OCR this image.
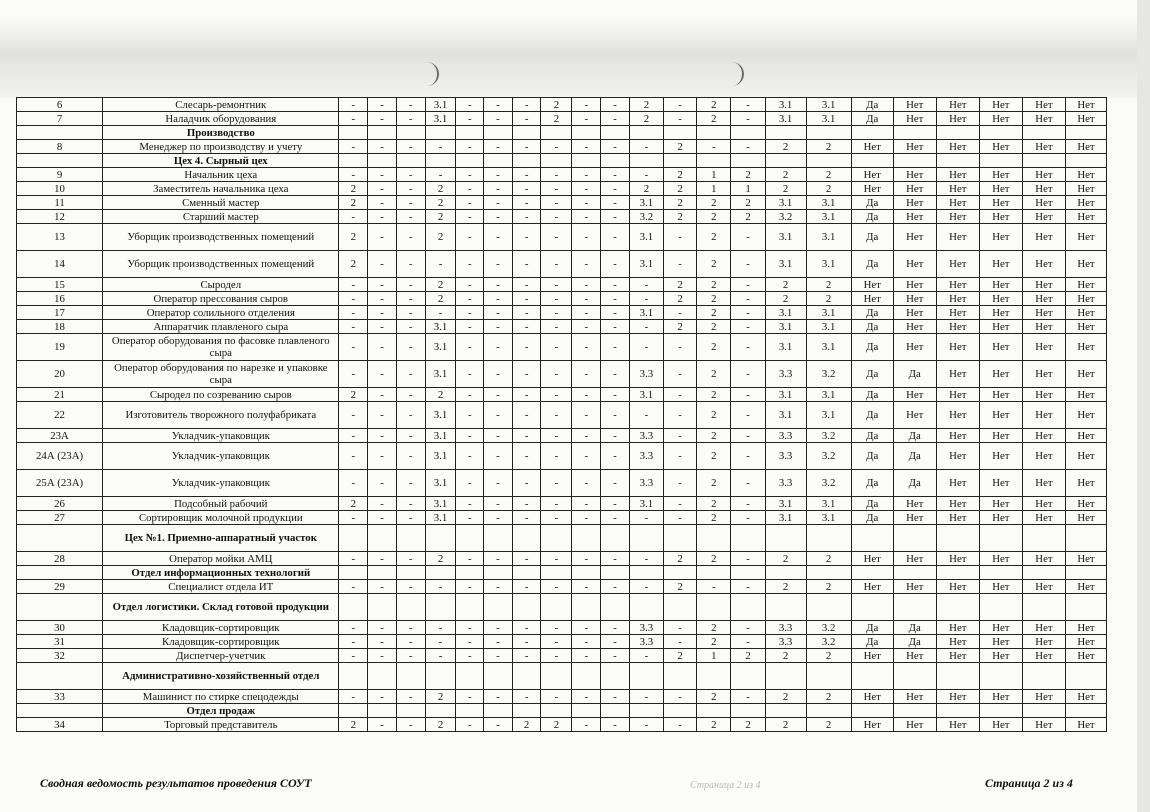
6	Слесарь-ремонтник	-	-	-	3.1	-	-	-	2	-	-	2	-	2	-	3.1	3.1	Да	Нет	Нет	Нет	Нет	Нет
7	Наладчик оборудования	-	-	-	3.1	-	-	-	2	-	-	2	-	2	-	3.1	3.1	Да	Нет	Нет	Нет	Нет	Нет
	Производство																						
8	Менеджер по производству и учету	-	-	-	-	-	-	-	-	-	-	-	2	-	-	2	2	Нет	Нет	Нет	Нет	Нет	Нет
	Цех 4. Сырный цех																						
9	Начальник цеха	-	-	-	-	-	-	-	-	-	-	-	2	1	2	2	2	Нет	Нет	Нет	Нет	Нет	Нет
10	Заместитель начальника цеха	2	-	-	2	-	-	-	-	-	-	2	2	1	1	2	2	Нет	Нет	Нет	Нет	Нет	Нет
11	Сменный мастер	2	-	-	2	-	-	-	-	-	-	3.1	2	2	2	3.1	3.1	Да	Нет	Нет	Нет	Нет	Нет
12	Старший мастер	-	-	-	2	-	-	-	-	-	-	3.2	2	2	2	3.2	3.1	Да	Нет	Нет	Нет	Нет	Нет
13	Уборщик производственных помещений	2	-	-	2	-	-	-	-	-	-	3.1	-	2	-	3.1	3.1	Да	Нет	Нет	Нет	Нет	Нет
14	Уборщик производственных помещений	2	-	-	-	-	-	-	-	-	-	3.1	-	2	-	3.1	3.1	Да	Нет	Нет	Нет	Нет	Нет
15	Сыродел	-	-	-	2	-	-	-	-	-	-	-	2	2	-	2	2	Нет	Нет	Нет	Нет	Нет	Нет
16	Оператор прессования сыров	-	-	-	2	-	-	-	-	-	-	-	2	2	-	2	2	Нет	Нет	Нет	Нет	Нет	Нет
17	Оператор солильного отделения	-	-	-	-	-	-	-	-	-	-	3.1	-	2	-	3.1	3.1	Да	Нет	Нет	Нет	Нет	Нет
18	Аппаратчик плавленого сыра	-	-	-	3.1	-	-	-	-	-	-	-	2	2	-	3.1	3.1	Да	Нет	Нет	Нет	Нет	Нет
19	Оператор оборудования по фасовке плавленого сыра	-	-	-	3.1	-	-	-	-	-	-	-	-	2	-	3.1	3.1	Да	Нет	Нет	Нет	Нет	Нет
20	Оператор оборудования по нарезке и упаковке сыра	-	-	-	3.1	-	-	-	-	-	-	3.3	-	2	-	3.3	3.2	Да	Да	Нет	Нет	Нет	Нет
21	Сыродел по созреванию сыров	2	-	-	2	-	-	-	-	-	-	3.1	-	2	-	3.1	3.1	Да	Нет	Нет	Нет	Нет	Нет
22	Изготовитель творожного полуфабриката	-	-	-	3.1	-	-	-	-	-	-	-	-	2	-	3.1	3.1	Да	Нет	Нет	Нет	Нет	Нет
23А	Укладчик-упаковщик	-	-	-	3.1	-	-	-	-	-	-	3.3	-	2	-	3.3	3.2	Да	Да	Нет	Нет	Нет	Нет
24А (23А)	Укладчик-упаковщик	-	-	-	3.1	-	-	-	-	-	-	3.3	-	2	-	3.3	3.2	Да	Да	Нет	Нет	Нет	Нет
25А (23А)	Укладчик-упаковщик	-	-	-	3.1	-	-	-	-	-	-	3.3	-	2	-	3.3	3.2	Да	Да	Нет	Нет	Нет	Нет
26	Подсобный рабочий	2	-	-	3.1	-	-	-	-	-	-	3.1	-	2	-	3.1	3.1	Да	Нет	Нет	Нет	Нет	Нет
27	Сортировщик молочной продукции	-	-	-	3.1	-	-	-	-	-	-	-	-	2	-	3.1	3.1	Да	Нет	Нет	Нет	Нет	Нет
	Цех №1. Приемно-аппаратный участок																						
28	Оператор мойки АМЦ	-	-	-	2	-	-	-	-	-	-	-	2	2	-	2	2	Нет	Нет	Нет	Нет	Нет	Нет
	Отдел информационных технологий																						
29	Специалист отдела ИТ	-	-	-	-	-	-	-	-	-	-	-	2	-	-	2	2	Нет	Нет	Нет	Нет	Нет	Нет
	Отдел логистики. Склад готовой продукции																						
30	Кладовщик-сортировщик	-	-	-	-	-	-	-	-	-	-	3.3	-	2	-	3.3	3.2	Да	Да	Нет	Нет	Нет	Нет
31	Кладовщик-сортировщик	-	-	-	-	-	-	-	-	-	-	3.3	-	2	-	3.3	3.2	Да	Да	Нет	Нет	Нет	Нет
32	Диспетчер-учетчик	-	-	-	-	-	-	-	-	-	-	-	2	1	2	2	2	Нет	Нет	Нет	Нет	Нет	Нет
	Административно-хозяйственный отдел																						
33	Машинист по стирке спецодежды	-	-	-	2	-	-	-	-	-	-	-	-	2	-	2	2	Нет	Нет	Нет	Нет	Нет	Нет
	Отдел продаж																						
34	Торговый представитель	2	-	-	2	-	-	2	2	-	-	-	-	2	2	2	2	Нет	Нет	Нет	Нет	Нет	Нет
Сводная ведомость результатов проведения СОУТ	Страница 2 из 4	Страница 2 из 4
